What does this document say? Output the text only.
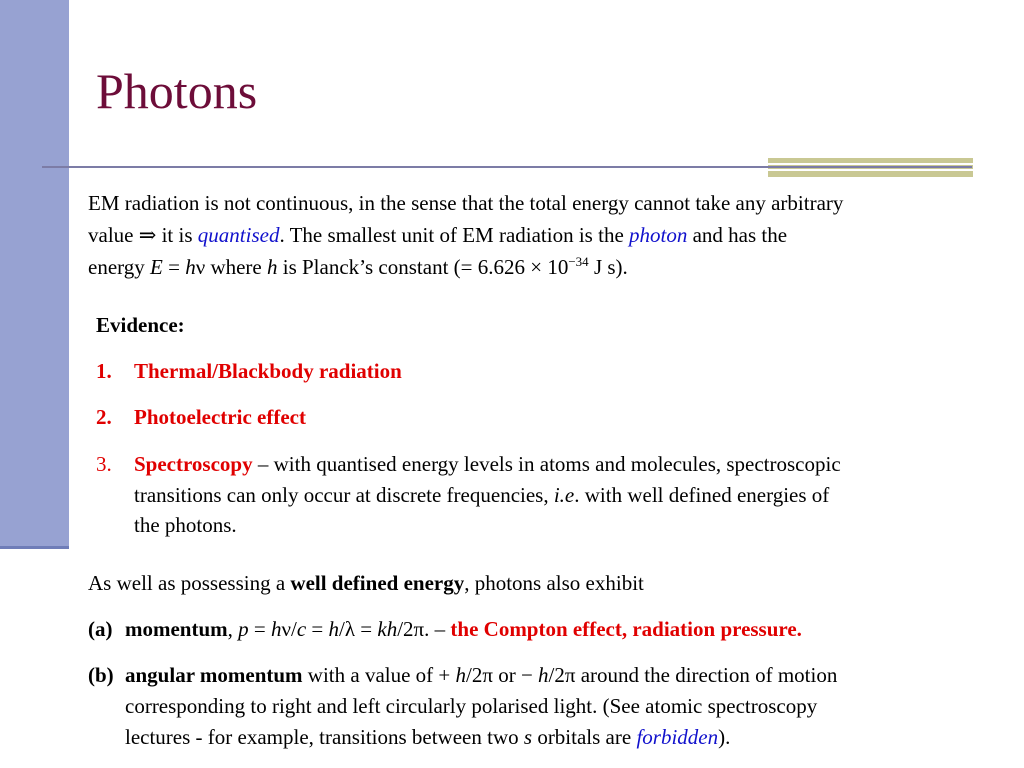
Photons
EM radiation is not continuous, in the sense that the total energy cannot take any arbitrary
value ⇒ it is quantised. The smallest unit of EM radiation is the photon and has the
energy E = hν where h is Planck’s constant (= $6.626 \times 10^{-34}$ J s).
Evidence:
1. Thermal/Blackbody radiation
2. Photoelectric effect
3. Spectroscopy – with quantised energy levels in atoms and molecules, spectroscopic
transitions can only occur at discrete frequencies, i.e. with well defined energies of
the photons.
As well as possessing a well defined energy, photons also exhibit
(a) momentum, p = hν/c = h/λ = kh/2π. – the Compton effect, radiation pressure.
(b) angular momentum with a value of + h/2π or − h/2π around the direction of motion
corresponding to right and left circularly polarised light. (See atomic spectroscopy
lectures - for example, transitions between two s orbitals are forbidden).
